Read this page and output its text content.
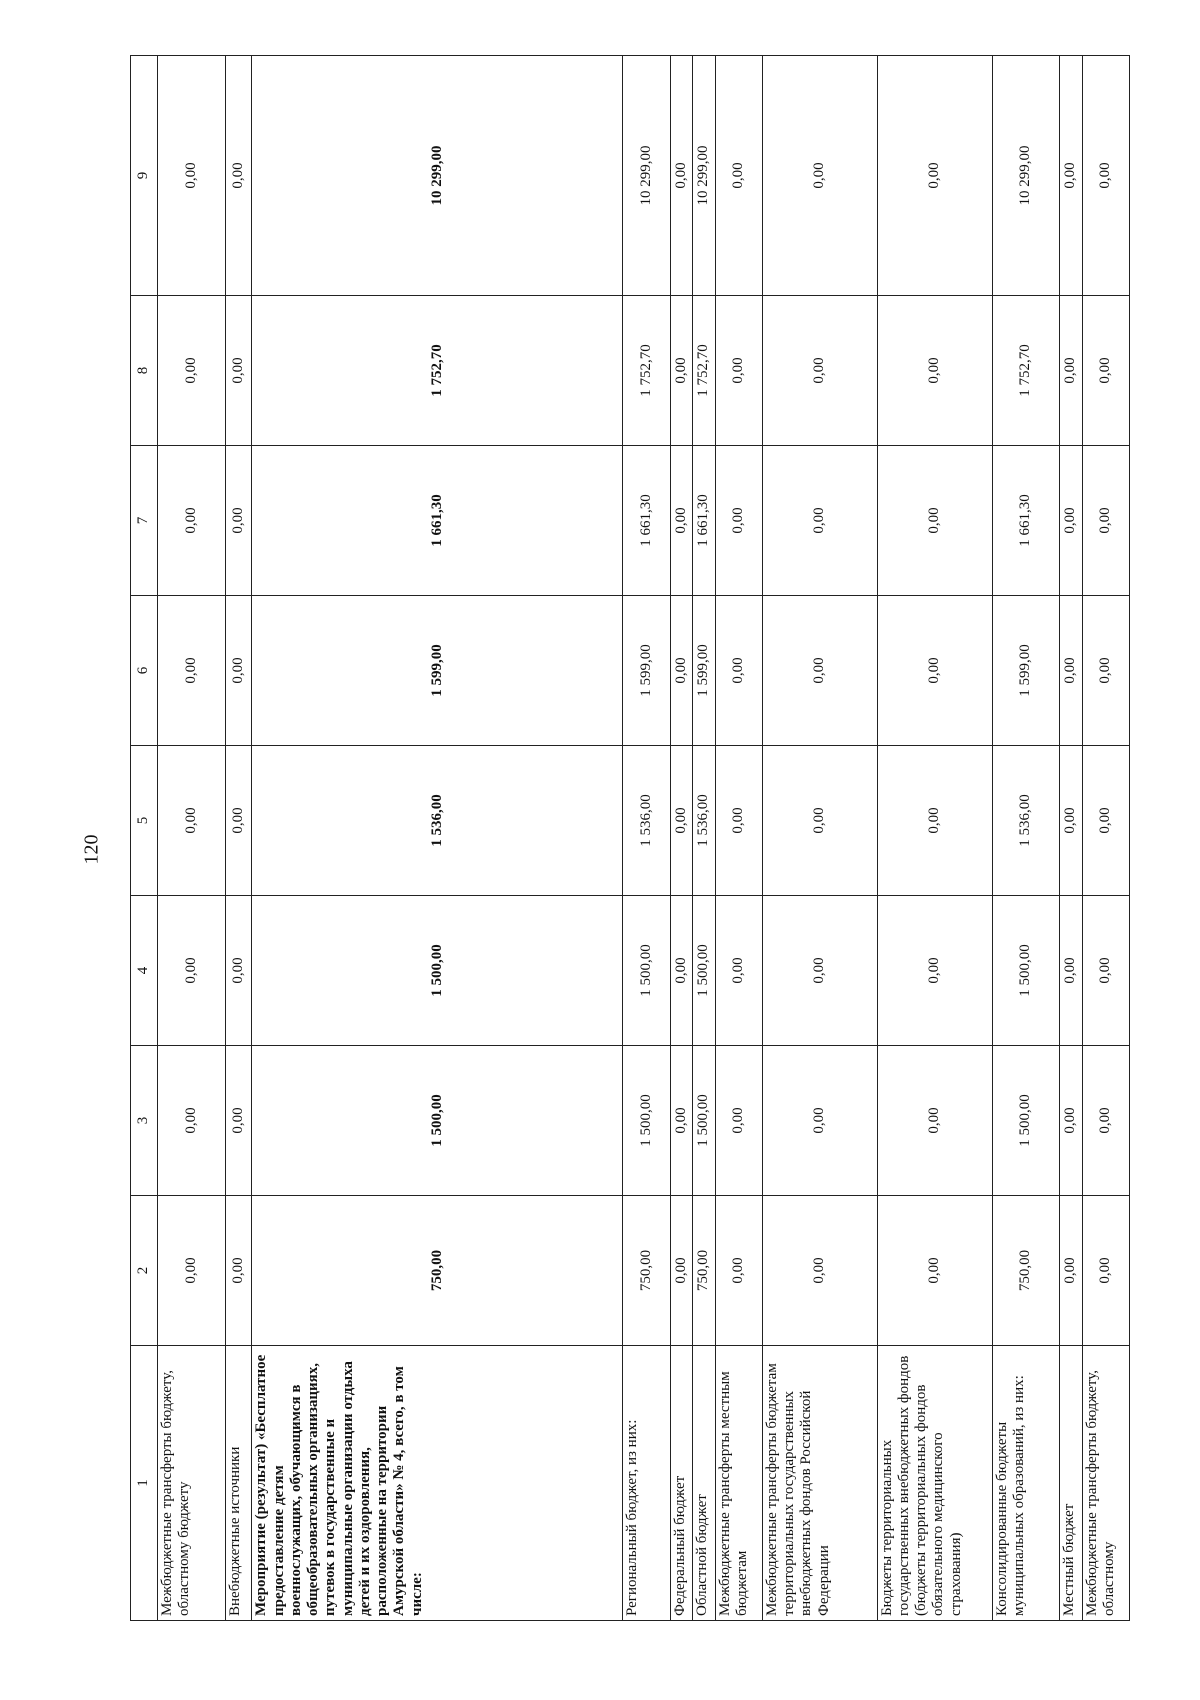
120
1	2	3	4	5	6	7	8	9
Межбюджетные трансферты бюджету, областному бюджету	0,00	0,00	0,00	0,00	0,00	0,00	0,00	0,00
Внебюджетные источники	0,00	0,00	0,00	0,00	0,00	0,00	0,00	0,00
Мероприятие (результат) «Бесплатное предоставление детям военнослужащих, обучающимся в общеобразовательных организациях, путевок в государственные и муниципальные организации отдыха детей и их оздоровления, расположенные на территории Амурской области» № 4, всего, в том числе:	750,00	1 500,00	1 500,00	1 536,00	1 599,00	1 661,30	1 752,70	10 299,00
Региональный бюджет, из них:	750,00	1 500,00	1 500,00	1 536,00	1 599,00	1 661,30	1 752,70	10 299,00
Федеральный бюджет	0,00	0,00	0,00	0,00	0,00	0,00	0,00	0,00
Областной бюджет	750,00	1 500,00	1 500,00	1 536,00	1 599,00	1 661,30	1 752,70	10 299,00
Межбюджетные трансферты местным бюджетам	0,00	0,00	0,00	0,00	0,00	0,00	0,00	0,00
Межбюджетные трансферты бюджетам территориальных государственных внебюджетных фондов Российской Федерации	0,00	0,00	0,00	0,00	0,00	0,00	0,00	0,00
Бюджеты территориальных государственных внебюджетных фондов (бюджеты территориальных фондов обязательного медицинского страхования)	0,00	0,00	0,00	0,00	0,00	0,00	0,00	0,00
Консолидированные бюджеты муниципальных образований, из них:	750,00	1 500,00	1 500,00	1 536,00	1 599,00	1 661,30	1 752,70	10 299,00
Местный бюджет	0,00	0,00	0,00	0,00	0,00	0,00	0,00	0,00
Межбюджетные трансферты бюджету, областному	0,00	0,00	0,00	0,00	0,00	0,00	0,00	0,00
